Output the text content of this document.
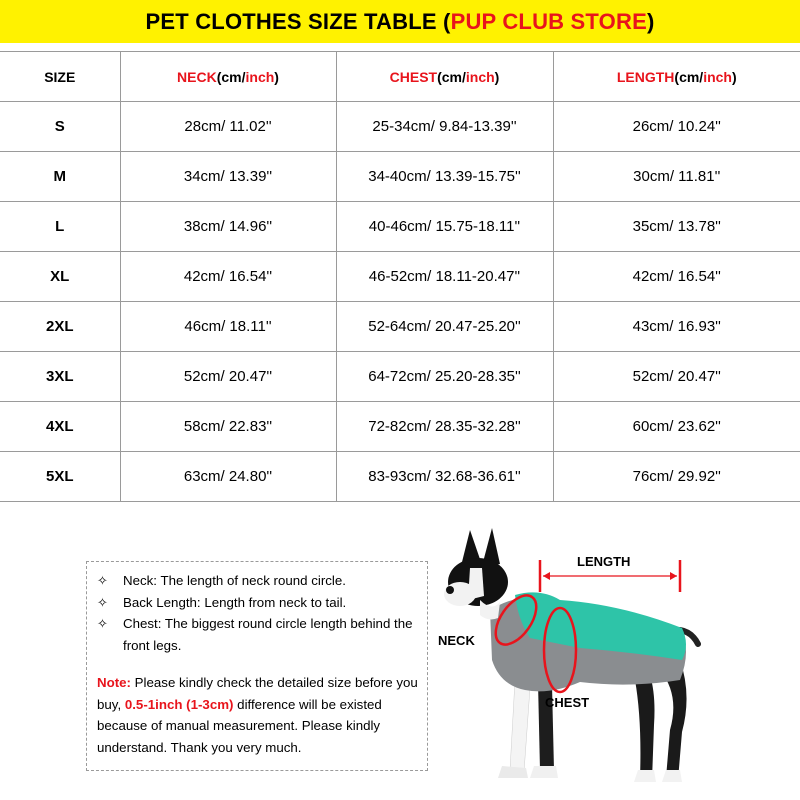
PET CLOTHES SIZE TABLE ( PUP CLUB STORE )
SIZE	NECK(cm/inch)	CHEST(cm/inch)	LENGTH(cm/inch)
S	28cm/ 11.02''	25-34cm/ 9.84-13.39''	26cm/ 10.24''
M	34cm/ 13.39''	34-40cm/ 13.39-15.75''	30cm/ 11.81''
L	38cm/ 14.96''	40-46cm/ 15.75-18.11''	35cm/ 13.78''
XL	42cm/ 16.54''	46-52cm/ 18.11-20.47''	42cm/ 16.54''
2XL	46cm/ 18.11''	52-64cm/ 20.47-25.20''	43cm/ 16.93''
3XL	52cm/ 20.47''	64-72cm/ 25.20-28.35''	52cm/ 20.47''
4XL	58cm/ 22.83''	72-82cm/ 28.35-32.28''	60cm/ 23.62''
5XL	63cm/ 24.80''	83-93cm/ 32.68-36.61''	76cm/ 29.92''
✧	Neck: The length of neck round circle.
✧	Back Length: Length from neck to tail.
✧	Chest: The biggest round circle length behind the front legs.

Note: Please kindly check the detailed size before you buy, 0.5-1inch (1-3cm) difference will be existed because of manual measurement. Please kindly understand. Thank you very much.

LENGTH
NECK
CHEST
